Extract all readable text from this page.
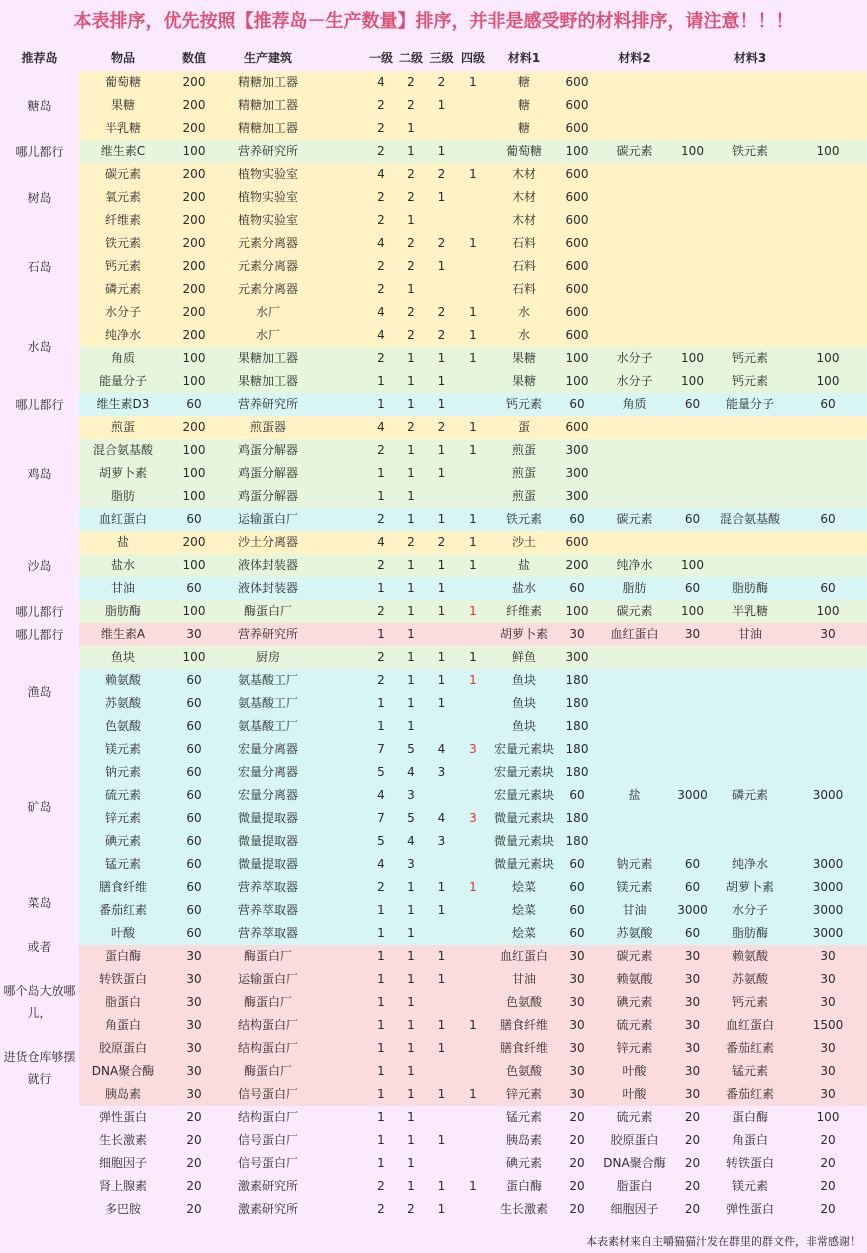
本表排序，优先按照【推荐岛－生产数量】排序，并非是感受野的材料排序，请注意！！！
推荐岛	物品	数值	生产建筑		一级	二级	三级	四级	材料1		材料2		材料3	
糖岛	葡萄糖	200	精糖加工器		4	2	2	1	糖	600				
	果糖	200	精糖加工器		2	2	1		糖	600				
	半乳糖	200	精糖加工器		2	1			糖	600				
哪儿都行	维生素C	100	营养研究所		2	1	1		葡萄糖	100	碳元素	100	铁元素	100
树岛	碳元素	200	植物实验室		4	2	2	1	木材	600				
	氧元素	200	植物实验室		2	2	1		木材	600				
	纤维素	200	植物实验室		2	1			木材	600				
石岛	铁元素	200	元素分离器		4	2	2	1	石料	600				
	钙元素	200	元素分离器		2	2	1		石料	600				
	磷元素	200	元素分离器		2	1			石料	600				
水岛	水分子	200	水厂		4	2	2	1	水	600				
	纯净水	200	水厂		4	2	2	1	水	600				
	角质	100	果糖加工器		2	1	1	1	果糖	100	水分子	100	钙元素	100
	能量分子	100	果糖加工器		1	1	1		果糖	100	水分子	100	钙元素	100
哪儿都行	维生素D3	60	营养研究所		1	1	1		钙元素	60	角质	60	能量分子	60
鸡岛	煎蛋	200	煎蛋器		4	2	2	1	蛋	600				
	混合氨基酸	100	鸡蛋分解器		2	1	1	1	煎蛋	300				
	胡萝卜素	100	鸡蛋分解器		1	1	1		煎蛋	300				
	脂肪	100	鸡蛋分解器		1	1			煎蛋	300				
	血红蛋白	60	运输蛋白厂		2	1	1	1	铁元素	60	碳元素	60	混合氨基酸	60
沙岛	盐	200	沙土分离器		4	2	2	1	沙土	600				
	盐水	100	液体封装器		2	1	1	1	盐	200	纯净水	100		
	甘油	60	液体封装器		1	1	1		盐水	60	脂肪	60	脂肪酶	60
哪儿都行	脂肪酶	100	酶蛋白厂		2	1	1	1	纤维素	100	碳元素	100	半乳糖	100
哪儿都行	维生素A	30	营养研究所		1	1			胡萝卜素	30	血红蛋白	30	甘油	30
渔岛	鱼块	100	厨房		2	1	1	1	鲜鱼	300				
	赖氨酸	60	氨基酸工厂		2	1	1	1	鱼块	180				
	苏氨酸	60	氨基酸工厂		1	1	1		鱼块	180				
	色氨酸	60	氨基酸工厂		1	1			鱼块	180				
矿岛	镁元素	60	宏量分离器		7	5	4	3	宏量元素块	180				
	钠元素	60	宏量分离器		5	4	3		宏量元素块	180				
	硫元素	60	宏量分离器		4	3			宏量元素块	60	盐	3000	磷元素	3000
	锌元素	60	微量提取器		7	5	4	3	微量元素块	180				
	碘元素	60	微量提取器		5	4	3		微量元素块	180				
	锰元素	60	微量提取器		4	3			微量元素块	60	钠元素	60	纯净水	3000
菜岛

或者

哪个岛大放哪儿，

进货仓库够摆就行	膳食纤维	60	营养萃取器		2	1	1	1	烩菜	60	镁元素	60	胡萝卜素	3000
	番茄红素	60	营养萃取器		1	1	1		烩菜	60	甘油	3000	水分子	3000
	叶酸	60	营养萃取器		1	1			烩菜	60	苏氨酸	60	脂肪酶	3000
	蛋白酶	30	酶蛋白厂		1	1	1		血红蛋白	30	碳元素	30	赖氨酸	30
	转铁蛋白	30	运输蛋白厂		1	1	1		甘油	30	赖氨酸	30	苏氨酸	30
	脂蛋白	30	酶蛋白厂		1	1			色氨酸	30	碘元素	30	钙元素	30
	角蛋白	30	结构蛋白厂		1	1	1	1	膳食纤维	30	硫元素	30	血红蛋白	1500
	胶原蛋白	30	结构蛋白厂		1	1	1		膳食纤维	30	锌元素	30	番茄红素	30
	DNA聚合酶	30	酶蛋白厂		1	1			色氨酸	30	叶酸	30	锰元素	30
	胰岛素	30	信号蛋白厂		1	1	1	1	锌元素	30	叶酸	30	番茄红素	30
	弹性蛋白	20	结构蛋白厂		1	1			锰元素	20	硫元素	20	蛋白酶	100
	生长激素	20	信号蛋白厂		1	1	1		胰岛素	20	胶原蛋白	20	角蛋白	20
	细胞因子	20	信号蛋白厂		1	1			碘元素	20	DNA聚合酶	20	转铁蛋白	20
	肾上腺素	20	激素研究所		2	1	1	1	蛋白酶	20	脂蛋白	20	镁元素	20
	多巴胺	20	激素研究所		2	2	1		生长激素	20	细胞因子	20	弹性蛋白	20
本表素材来自主嚼猫猫汁发在群里的群文件，非常感谢！
